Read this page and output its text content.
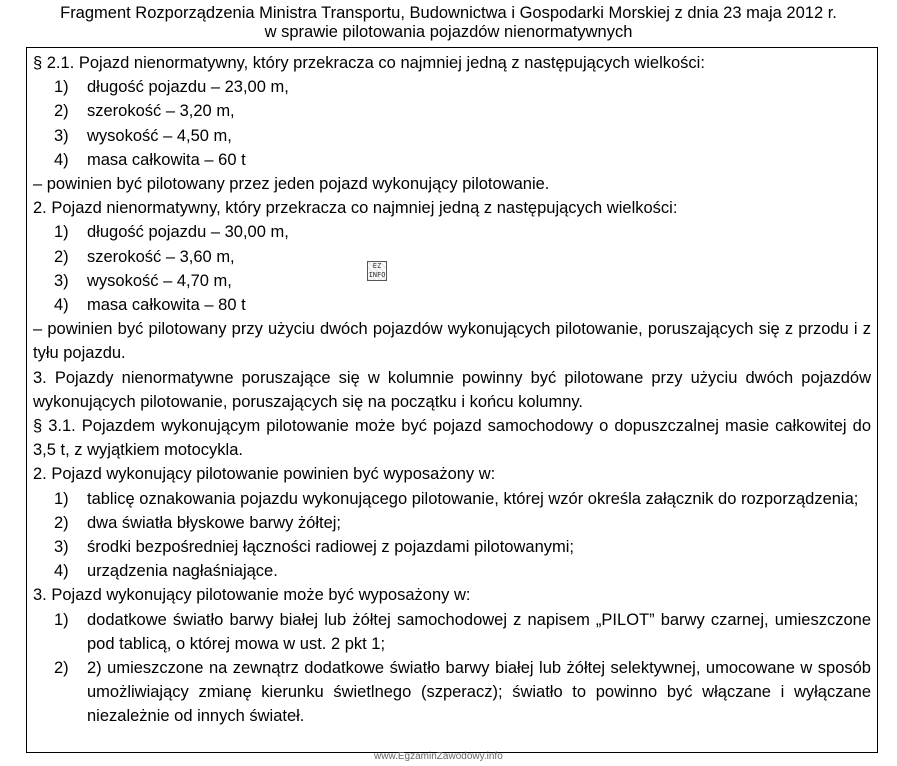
Fragment Rozporządzenia Ministra Transportu, Budownictwa i Gospodarki Morskiej z dnia 23 maja 2012 r.
w sprawie pilotowania pojazdów nienormatywnych
§ 2.1. Pojazd nienormatywny, który przekracza co najmniej jedną z następujących wielkości:
1)	długość pojazdu – 23,00 m,
2)	szerokość – 3,20 m,
3)	wysokość – 4,50 m,
4)	masa całkowita – 60 t
– powinien być pilotowany przez jeden pojazd wykonujący pilotowanie.
2. Pojazd nienormatywny, który przekracza co najmniej jedną z następujących wielkości:
1)	długość pojazdu – 30,00 m,
2)	szerokość – 3,60 m,
3)	wysokość – 4,70 m,
4)	masa całkowita – 80 t
– powinien być pilotowany przy użyciu dwóch pojazdów wykonujących pilotowanie, poruszających się z przodu i z tyłu pojazdu.
3. Pojazdy nienormatywne poruszające się w kolumnie powinny być pilotowane przy użyciu dwóch pojazdów wykonujących pilotowanie, poruszających się na początku i końcu kolumny.
§ 3.1. Pojazdem wykonującym pilotowanie może być pojazd samochodowy o dopuszczalnej masie całkowitej do 3,5 t, z wyjątkiem motocykla.
2. Pojazd wykonujący pilotowanie powinien być wyposażony w:
1)	tablicę oznakowania pojazdu wykonującego pilotowanie, której wzór określa załącznik do rozporządzenia;
2)	dwa światła błyskowe barwy żółtej;
3)	środki bezpośredniej łączności radiowej z pojazdami pilotowanymi;
4)	urządzenia nagłaśniające.
3. Pojazd wykonujący pilotowanie może być wyposażony w:
1)	dodatkowe światło barwy białej lub żółtej samochodowej z napisem „PILOT” barwy czarnej, umieszczone pod tablicą, o której mowa w ust. 2 pkt 1;
2)	2) umieszczone na zewnątrz dodatkowe światło barwy białej lub żółtej selektywnej, umocowane w sposób umożliwiający zmianę kierunku świetlnego (szperacz); światło to powinno być włączane i wyłączane niezależnie od innych świateł.
EZ INFO
www.EgzaminZawodowy.info
